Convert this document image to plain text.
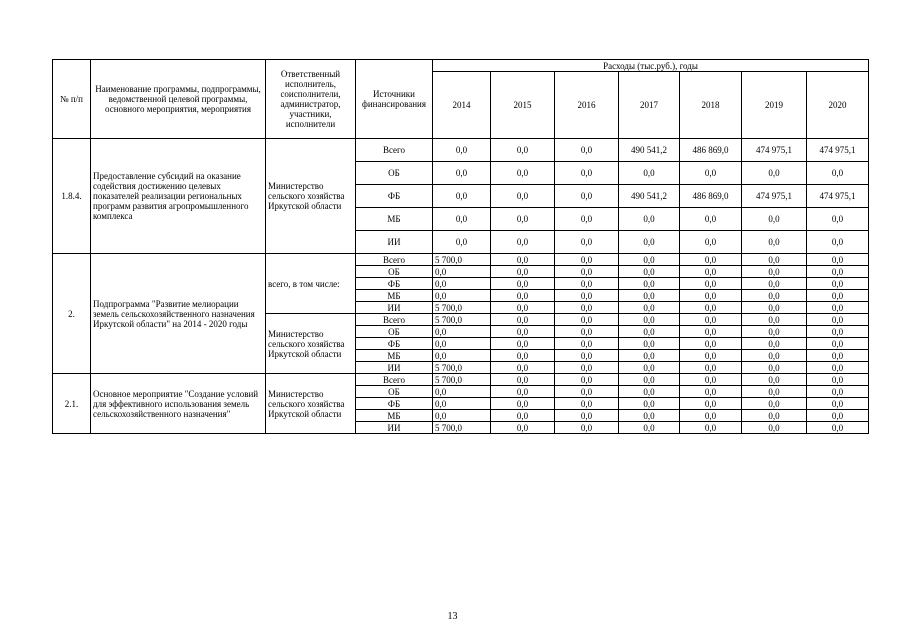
№ п/п	Наименование программы, подпрограммы, ведомственной целевой программы, основного мероприятия, мероприятия	Ответственный исполнитель, соисполнители, администратор, участники, исполнители	Источники финансирования	Расходы (тыс.руб.), годы						
				2014	2015	2016	2017	2018	2019	2020
1.8.4.	Предоставление субсидий на оказание содействия достижению целевых показателей реализации региональных программ развития агропромышленного комплекса	Министерство сельского хозяйства Иркутской области	Всего	0,0	0,0	0,0	490 541,2	486 869,0	474 975,1	474 975,1
			ОБ	0,0	0,0	0,0	0,0	0,0	0,0	0,0
			ФБ	0,0	0,0	0,0	490 541,2	486 869,0	474 975,1	474 975,1
			МБ	0,0	0,0	0,0	0,0	0,0	0,0	0,0
			ИИ	0,0	0,0	0,0	0,0	0,0	0,0	0,0
2.	Подпрограмма "Развитие мелиорации земель сельскохозяйственного назначения Иркутской области" на 2014 - 2020 годы	всего, в том числе:	Всего	5 700,0	0,0	0,0	0,0	0,0	0,0	0,0
			ОБ	0,0	0,0	0,0	0,0	0,0	0,0	0,0
			ФБ	0,0	0,0	0,0	0,0	0,0	0,0	0,0
			МБ	0,0	0,0	0,0	0,0	0,0	0,0	0,0
			ИИ	5 700,0	0,0	0,0	0,0	0,0	0,0	0,0
		Министерство сельского хозяйства Иркутской области	Всего	5 700,0	0,0	0,0	0,0	0,0	0,0	0,0
			ОБ	0,0	0,0	0,0	0,0	0,0	0,0	0,0
			ФБ	0,0	0,0	0,0	0,0	0,0	0,0	0,0
			МБ	0,0	0,0	0,0	0,0	0,0	0,0	0,0
			ИИ	5 700,0	0,0	0,0	0,0	0,0	0,0	0,0
2.1.	Основное мероприятие "Создание условий для эффективного использования земель сельскохозяйственного назначения"	Министерство сельского хозяйства Иркутской области	Всего	5 700,0	0,0	0,0	0,0	0,0	0,0	0,0
			ОБ	0,0	0,0	0,0	0,0	0,0	0,0	0,0
			ФБ	0,0	0,0	0,0	0,0	0,0	0,0	0,0
			МБ	0,0	0,0	0,0	0,0	0,0	0,0	0,0
			ИИ	5 700,0	0,0	0,0	0,0	0,0	0,0	0,0
13
